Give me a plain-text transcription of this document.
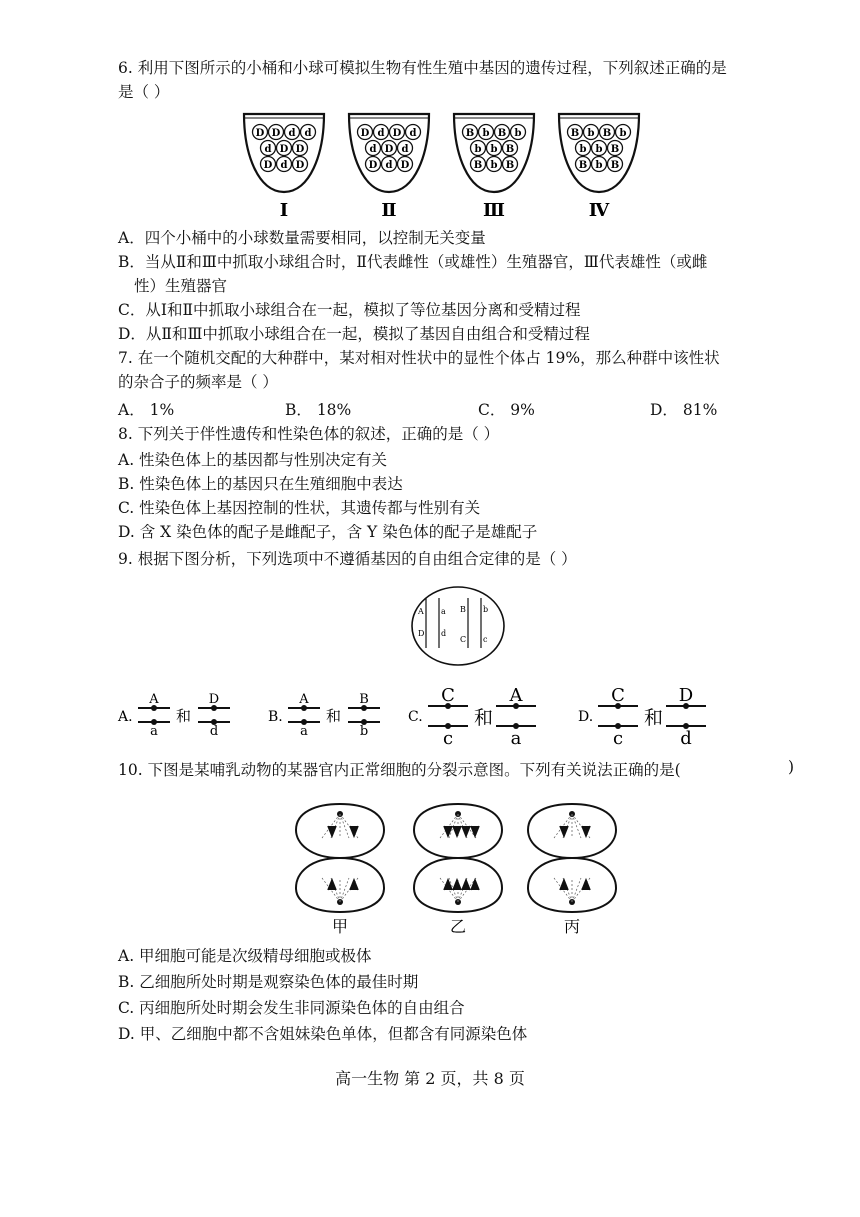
6. 利用下图所示的小桶和小球可模拟生物有性生殖中基因的遗传过程，下列叙述正确的是
是（ ）
D D d d
d D D
D d D
Ⅰ
D d D d
d D d
D d D
Ⅱ
B b B b
b b B
B b B
Ⅲ
B b B b
b b B
B b B
Ⅳ
A．四个小桶中的小球数量需要相同，以控制无关变量
B．当从Ⅱ和Ⅲ中抓取小球组合时，Ⅱ代表雌性（或雄性）生殖器官，Ⅲ代表雄性（或雌
性）生殖器官
C．从Ⅰ和Ⅱ中抓取小球组合在一起，模拟了等位基因分离和受精过程
D．从Ⅱ和Ⅲ中抓取小球组合在一起，模拟了基因自由组合和受精过程
7. 在一个随机交配的大种群中，某对相对性状中的显性个体占 19%，那么种群中该性状
的杂合子的频率是（ ）
A． 1%	B． 18%	C． 9%	D． 81%
8. 下列关于伴性遗传和性染色体的叙述，正确的是（ ）
A. 性染色体上的基因都与性别决定有关
B. 性染色体上的基因只在生殖细胞中表达
C. 性染色体上基因控制的性状，其遗传都与性别有关
D. 含 X 染色体的配子是雌配子，含 Y 染色体的配子是雄配子
9. 根据下图分析，下列选项中不遵循基因的自由组合定律的是（ ）
A a
D d
B b
C c
A.
A
a
和
D
d
B.
A
a
和
B
b
C.
C
c
和
A
a
D.
C
c
和
D
d
10. 下图是某哺乳动物的某器官内正常细胞的分裂示意图。下列有关说法正确的是(	)
甲	乙	丙
A. 甲细胞可能是次级精母细胞或极体
B. 乙细胞所处时期是观察染色体的最佳时期
C. 丙细胞所处时期会发生非同源染色体的自由组合
D. 甲、乙细胞中都不含姐妹染色单体，但都含有同源染色体
高一生物 第 2 页，共 8 页
